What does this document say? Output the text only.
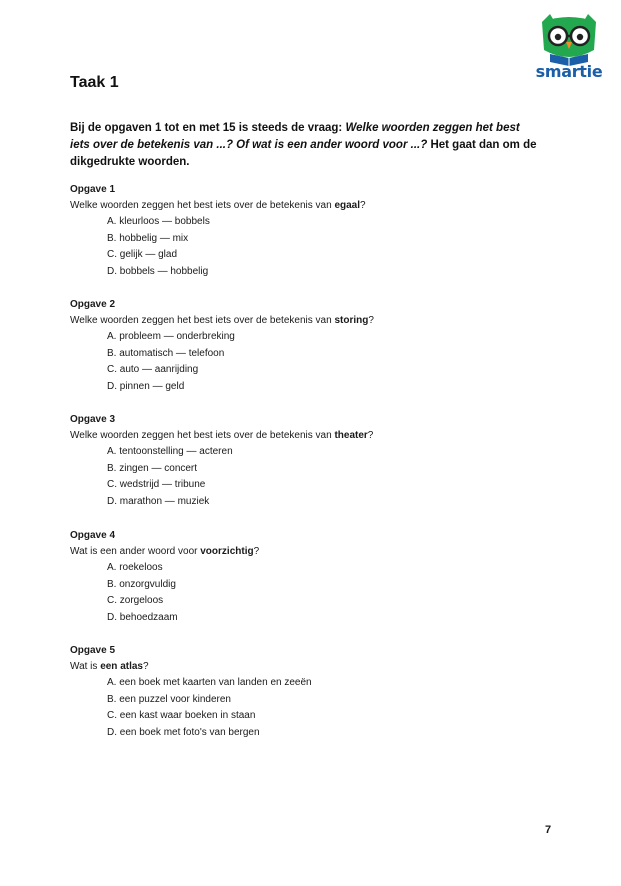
smartie
Taak 1
Bij de opgaven 1 tot en met 15 is steeds de vraag: Welke woorden zeggen het best iets over de betekenis van ...? Of wat is een ander woord voor ...? Het gaat dan om de dikgedrukte woorden.
Opgave 1
Welke woorden zeggen het best iets over de betekenis van egaal?
A. kleurloos — bobbels
B. hobbelig — mix
C. gelijk — glad
D. bobbels — hobbelig
Opgave 2
Welke woorden zeggen het best iets over de betekenis van storing?
A. probleem — onderbreking
B. automatisch — telefoon
C. auto — aanrijding
D. pinnen — geld
Opgave 3
Welke woorden zeggen het best iets over de betekenis van theater?
A. tentoonstelling — acteren
B. zingen — concert
C. wedstrijd — tribune
D. marathon — muziek
Opgave 4
Wat is een ander woord voor voorzichtig?
A. roekeloos
B. onzorgvuldig
C. zorgeloos
D. behoedzaam
Opgave 5
Wat is een atlas?
A. een boek met kaarten van landen en zeeën
B. een puzzel voor kinderen
C. een kast waar boeken in staan
D. een boek met foto's van bergen
7
